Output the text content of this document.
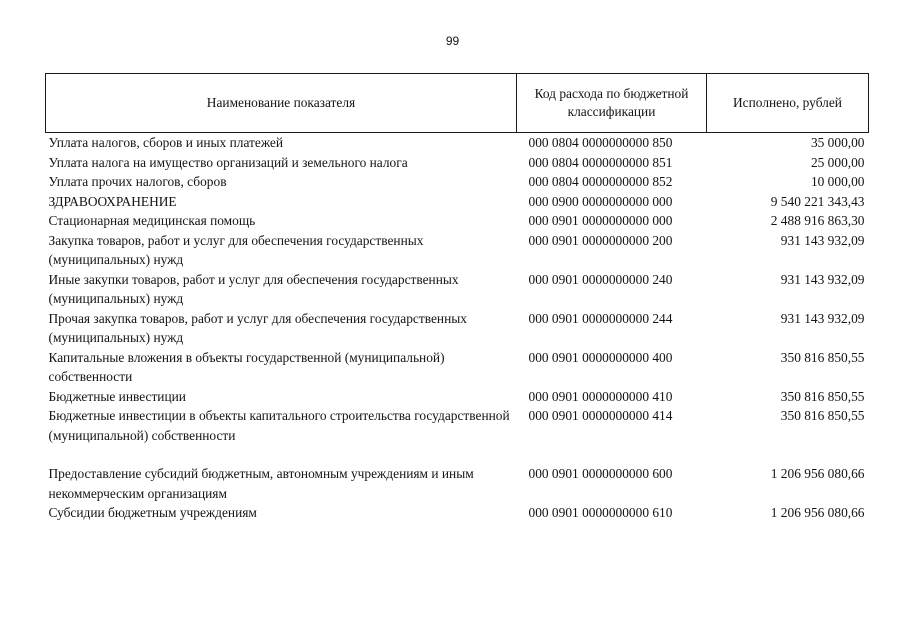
99
Наименование показателя	Код расхода по бюджетной классификации	Исполнено, рублей
Уплата налогов, сборов и иных платежей	000 0804 0000000000 850	35 000,00
Уплата налога на имущество организаций и земельного налога	000 0804 0000000000 851	25 000,00
Уплата прочих налогов, сборов	000 0804 0000000000 852	10 000,00
ЗДРАВООХРАНЕНИЕ	000 0900 0000000000 000	9 540 221 343,43
Стационарная медицинская помощь	000 0901 0000000000 000	2 488 916 863,30
Закупка товаров, работ и услуг для обеспечения государственных (муниципальных) нужд	000 0901 0000000000 200	931 143 932,09
Иные закупки товаров, работ и услуг для обеспечения государственных (муниципальных) нужд	000 0901 0000000000 240	931 143 932,09
Прочая закупка товаров, работ и услуг для обеспечения государственных (муниципальных) нужд	000 0901 0000000000 244	931 143 932,09
Капитальные вложения в объекты государственной (муниципальной) собственности	000 0901 0000000000 400	350 816 850,55
Бюджетные инвестиции	000 0901 0000000000 410	350 816 850,55
Бюджетные инвестиции в объекты капитального строительства государственной (муниципальной) собственности	000 0901 0000000000 414	350 816 850,55

Предоставление субсидий бюджетным, автономным учреждениям и иным некоммерческим организациям	000 0901 0000000000 600	1 206 956 080,66
Субсидии бюджетным учреждениям	000 0901 0000000000 610	1 206 956 080,66
